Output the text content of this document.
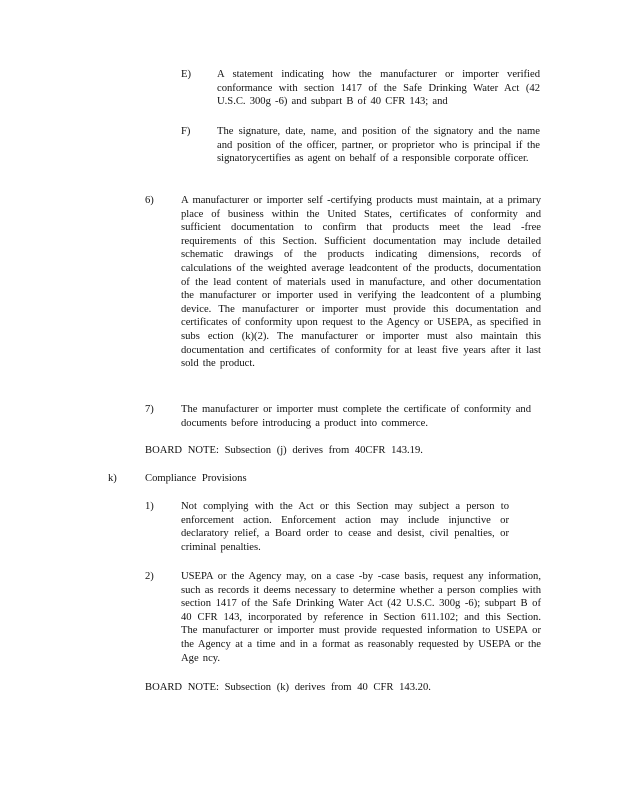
E)	A statement indicating how the manufacturer or importer verified conformance with section 1417 of the Safe Drinking Water Act (42 U.S.C. 300g -6) and subpart B of 40 CFR 143; and
F)	The signature, date, name, and position of the signatory and the name and position of the officer, partner, or proprietor who is principal if the signatorycertifies as agent on behalf of a responsible corporate officer.
6)	A manufacturer or importer self -certifying products must maintain, at a primary place of business within the United States, certificates of conformity and sufficient documentation to confirm that products meet the lead -free requirements of this Section. Sufficient documentation may include detailed schematic drawings of the products indicating dimensions, records of calculations of the weighted average leadcontent of the products, documentation of the lead content of materials used in manufacture, and other documentation the manufacturer or importer used in verifying the leadcontent of a plumbing device. The manufacturer or importer must provide this documentation and certificates of conformity upon request to the Agency or USEPA, as specified in subs ection (k)(2). The manufacturer or importer must also maintain this documentation and certificates of conformity for at least five years after it last sold the product.
7)	The manufacturer or importer must complete the certificate of conformity and documents before introducing a product into commerce.
BOARD NOTE: Subsection (j) derives from 40CFR 143.19.
k)	Compliance Provisions
1)	Not complying with the Act or this Section may subject a person to enforcement action. Enforcement action may include injunctive or declaratory relief, a Board order to cease and desist, civil penalties, or criminal penalties.
2)	USEPA or the Agency may, on a case -by -case basis, request any information, such as records it deems necessary to determine whether a person complies with section 1417 of the Safe Drinking Water Act (42 U.S.C. 300g -6); subpart B of 40 CFR 143, incorporated by reference in Section 611.102; and this Section. The manufacturer or importer must provide requested information to USEPA or the Agency at a time and in a format as reasonably requested by USEPA or the Age ncy.
BOARD NOTE: Subsection (k) derives from 40 CFR 143.20.
